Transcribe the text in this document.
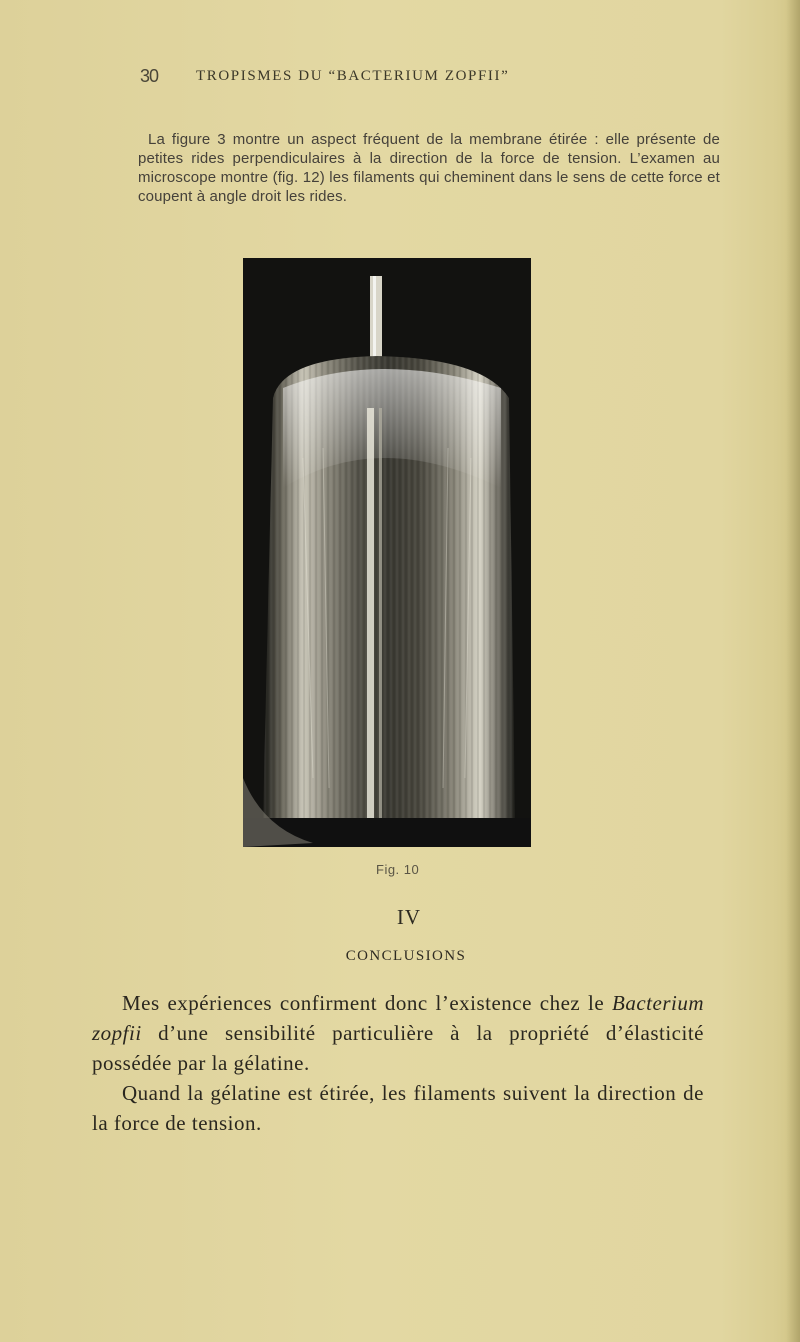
30	TROPISMES DU “BACTERIUM ZOPFII”

La figure 3 montre un aspect fréquent de la membrane étirée : elle présente de petites rides perpendiculaires à la direction de la force de tension. L’examen au microscope montre (fig. 12) les filaments qui cheminent dans le sens de cette force et coupent à angle droit les rides.

Fig. 10
IV
CONCLUSIONS

Mes expériences confirment donc l’existence chez le Bacterium zopfii d’une sensibilité particulière à la propriété d’élasticité possédée par la gélatine.

Quand la gélatine est étirée, les filaments suivent la direction de la force de tension.
